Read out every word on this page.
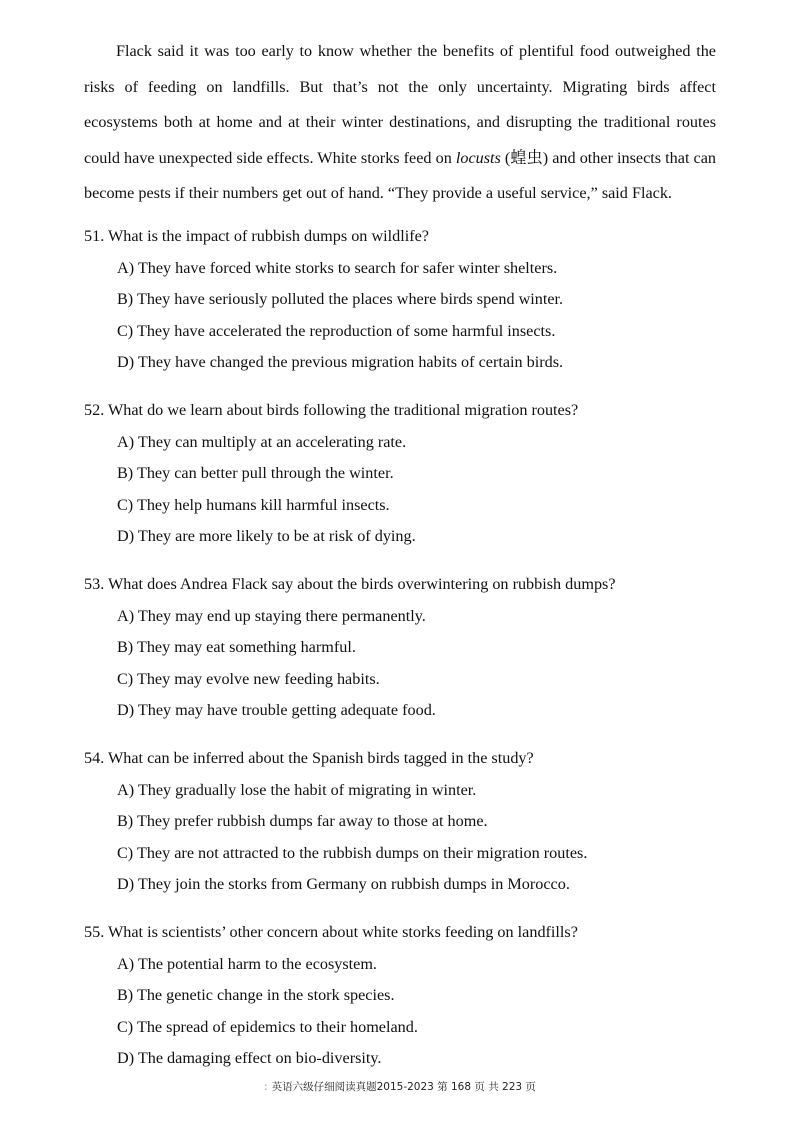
Flack said it was too early to know whether the benefits of plentiful food outweighed the risks of feeding on landfills. But that’s not the only uncertainty. Migrating birds affect ecosystems both at home and at their winter destinations, and disrupting the traditional routes could have unexpected side effects. White storks feed on locusts (蝗虫) and other insects that can become pests if their numbers get out of hand. “They provide a useful service,” said Flack.

51. What is the impact of rubbish dumps on wildlife?

A) They have forced white storks to search for safer winter shelters.
B) They have seriously polluted the places where birds spend winter.
C) They have accelerated the reproduction of some harmful insects.
D) They have changed the previous migration habits of certain birds.

52. What do we learn about birds following the traditional migration routes?

A) They can multiply at an accelerating rate.
B) They can better pull through the winter.
C) They help humans kill harmful insects.
D) They are more likely to be at risk of dying.

53. What does Andrea Flack say about the birds overwintering on rubbish dumps?

A) They may end up staying there permanently.
B) They may eat something harmful.
C) They may evolve new feeding habits.
D) They may have trouble getting adequate food.

54. What can be inferred about the Spanish birds tagged in the study?

A) They gradually lose the habit of migrating in winter.
B) They prefer rubbish dumps far away to those at home.
C) They are not attracted to the rubbish dumps on their migration routes.
D) They join the storks from Germany on rubbish dumps in Morocco.

55. What is scientists’ other concern about white storks feeding on landfills?

A) The potential harm to the ecosystem.
B) The genetic change in the stork species.
C) The spread of epidemics to their homeland.
D) The damaging effect on bio-diversity.
: 英语六级仔细阅读真题2015-2023 第 168 页 共 223 页
